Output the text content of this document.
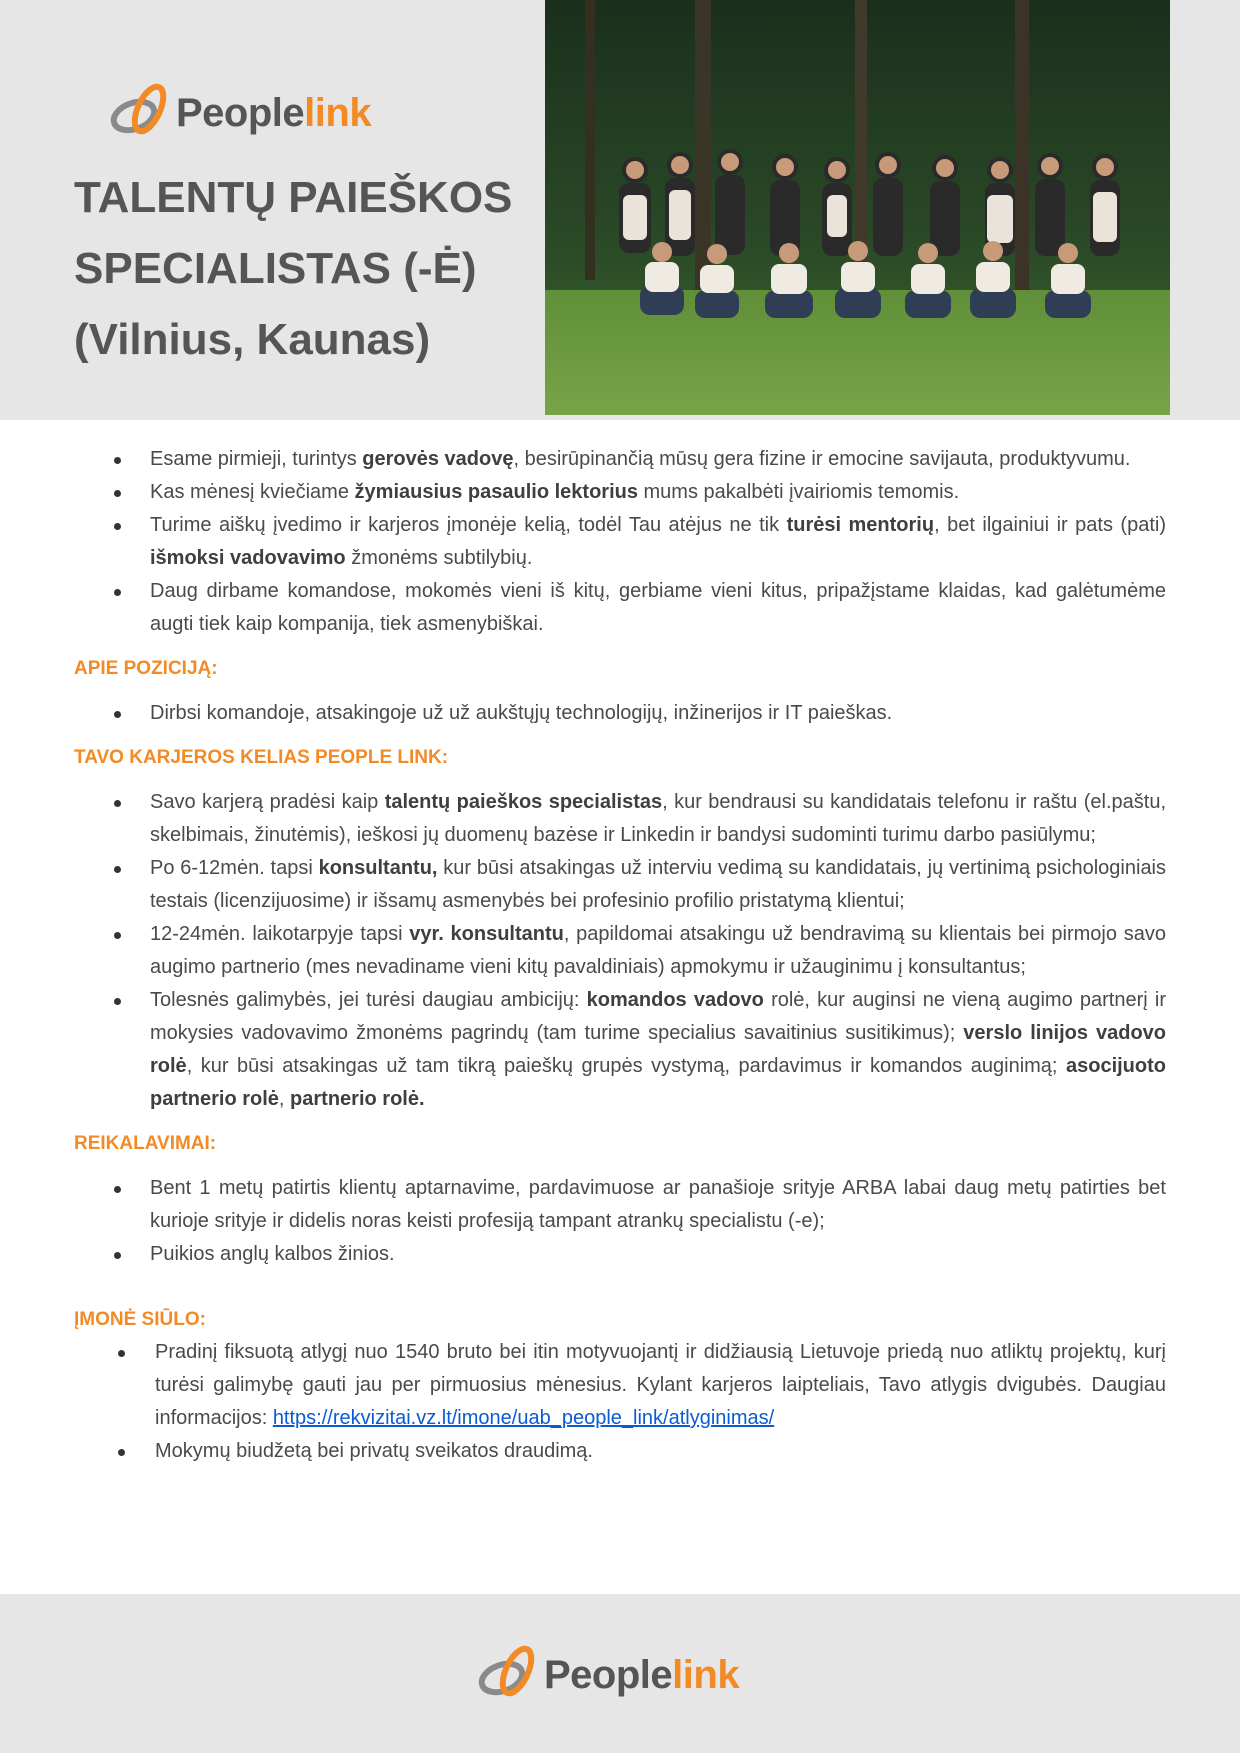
Peoplelink
TALENTŲ PAIEŠKOS
SPECIALISTAS (-Ė)
(Vilnius, Kaunas)
Esame pirmieji, turintys gerovės vadovę, besirūpinančią mūsų gera fizine ir emocine savijauta, produktyvumu.
Kas mėnesį kviečiame žymiausius pasaulio lektorius mums pakalbėti įvairiomis temomis.
Turime aiškų įvedimo ir karjeros įmonėje kelią, todėl Tau atėjus ne tik turėsi mentorių, bet ilgainiui ir pats (pati) išmoksi vadovavimo žmonėms subtilybių.
Daug dirbame komandose, mokomės vieni iš kitų, gerbiame vieni kitus, pripažįstame klaidas, kad galėtumėme augti tiek kaip kompanija, tiek asmenybiškai.
APIE POZICIJĄ:
Dirbsi komandoje, atsakingoje už už aukštųjų technologijų, inžinerijos ir IT paieškas.
TAVO KARJEROS KELIAS PEOPLE LINK:
Savo karjerą pradėsi kaip talentų paieškos specialistas, kur bendrausi su kandidatais telefonu ir raštu (el.paštu, skelbimais, žinutėmis), ieškosi jų duomenų bazėse ir Linkedin ir bandysi sudominti turimu darbo pasiūlymu;
Po 6-12mėn. tapsi konsultantu, kur būsi atsakingas už interviu vedimą su kandidatais, jų vertinimą psichologiniais testais (licenzijuosime) ir išsamų asmenybės bei profesinio profilio pristatymą klientui;
12-24mėn. laikotarpyje tapsi vyr. konsultantu, papildomai atsakingu už bendravimą su klientais bei pirmojo savo augimo partnerio (mes nevadiname vieni kitų pavaldiniais) apmokymu ir užauginimu į konsultantus;
Tolesnės galimybės, jei turėsi daugiau ambicijų: komandos vadovo rolė, kur auginsi ne vieną augimo partnerį ir mokysies vadovavimo žmonėms pagrindų (tam turime specialius savaitinius susitikimus); verslo linijos vadovo rolė, kur būsi atsakingas už tam tikrą paieškų grupės vystymą, pardavimus ir komandos auginimą; asocijuoto partnerio rolė, partnerio rolė.
REIKALAVIMAI:
Bent 1 metų patirtis klientų aptarnavime, pardavimuose ar panašioje srityje ARBA labai daug metų patirties bet kurioje srityje ir didelis noras keisti profesiją tampant atrankų specialistu (-e);
Puikios anglų kalbos žinios.
ĮMONĖ SIŪLO:
Pradinį fiksuotą atlygį nuo 1540 bruto bei itin motyvuojantį ir didžiausią Lietuvoje priedą nuo atliktų projektų, kurį turėsi galimybę gauti jau per pirmuosius mėnesius. Kylant karjeros laipteliais, Tavo atlygis dvigubės. Daugiau informacijos: https://rekvizitai.vz.lt/imone/uab_people_link/atlyginimas/
Mokymų biudžetą bei privatų sveikatos draudimą.
Peoplelink
